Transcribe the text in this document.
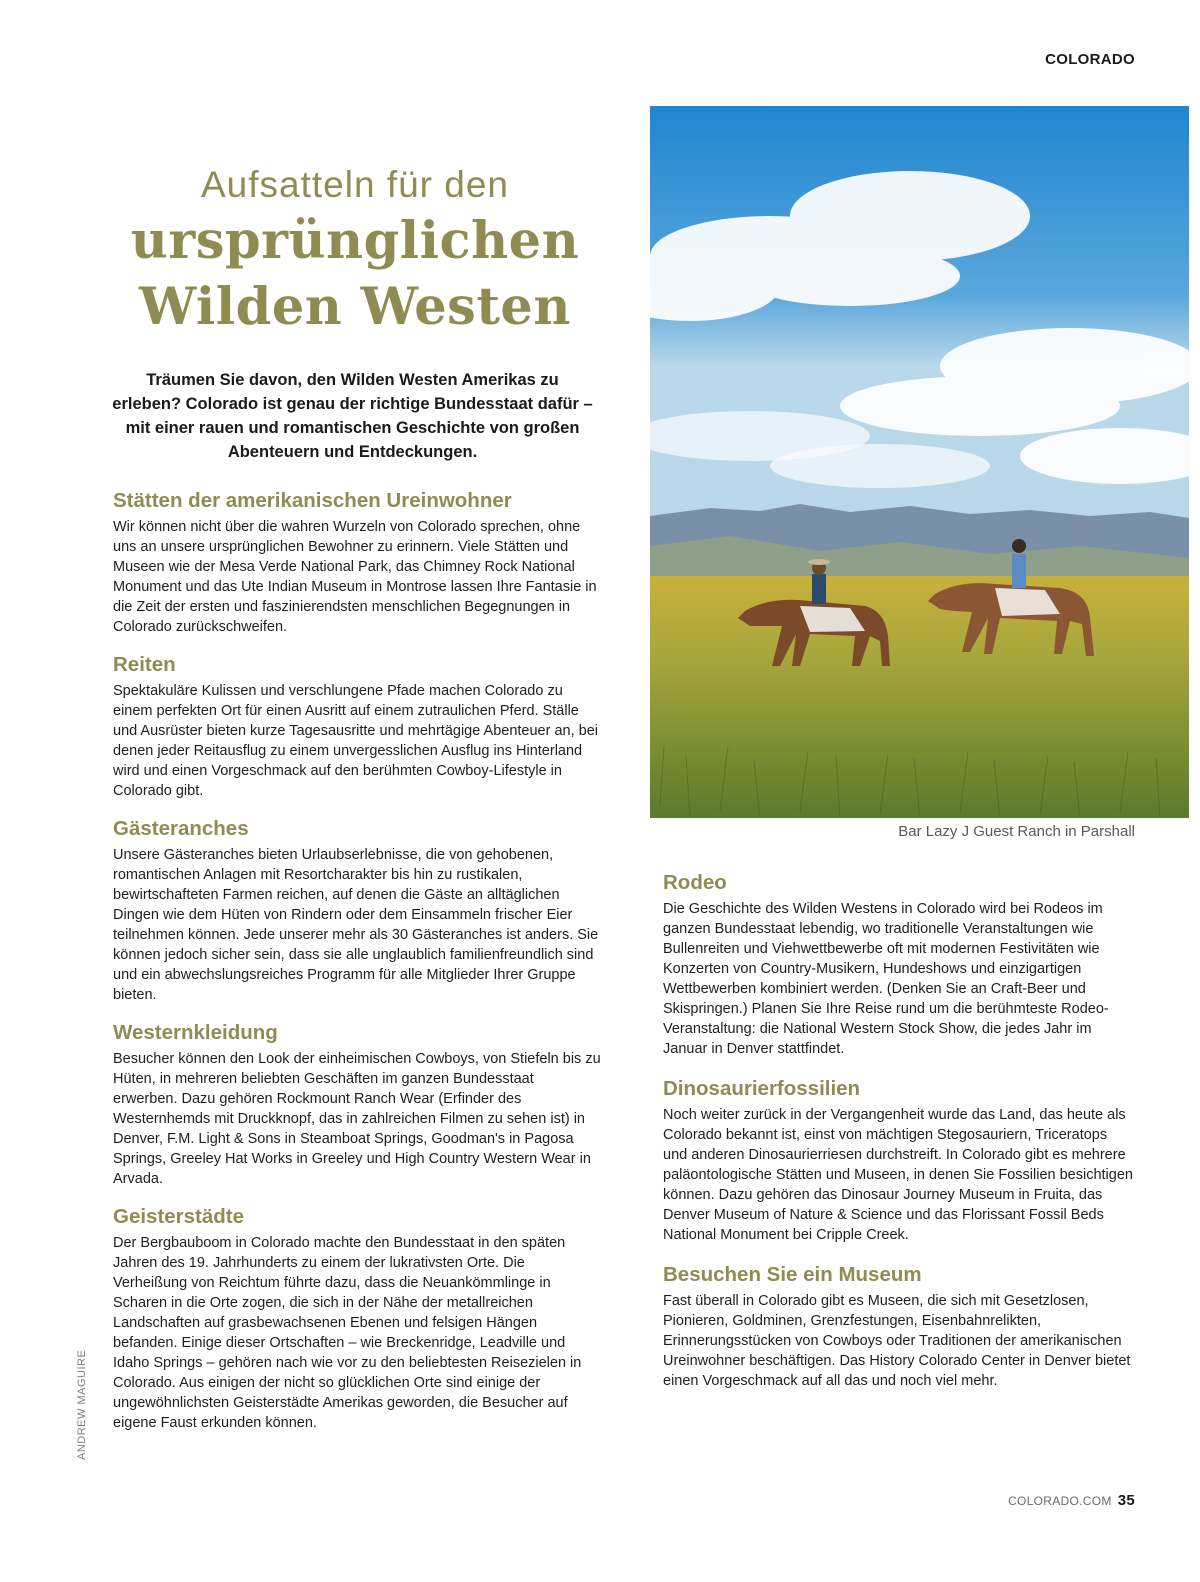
COLORADO
Aufsatteln für den
ursprünglichen
Wilden Westen
Träumen Sie davon, den Wilden Westen Amerikas zu erleben? Colorado ist genau der richtige Bundesstaat dafür – mit einer rauen und romantischen Geschichte von großen Abenteuern und Entdeckungen.
Bar Lazy J Guest Ranch in Parshall
Stätten der amerikanischen Ureinwohner

Wir können nicht über die wahren Wurzeln von Colorado sprechen, ohne uns an unsere ursprünglichen Bewohner zu erinnern. Viele Stätten und Museen wie der Mesa Verde National Park, das Chimney Rock National Monument und das Ute Indian Museum in Montrose lassen Ihre Fantasie in die Zeit der ersten und faszinierendsten menschlichen Begegnungen in Colorado zurückschweifen.

Reiten

Spektakuläre Kulissen und verschlungene Pfade machen Colorado zu einem perfekten Ort für einen Ausritt auf einem zutraulichen Pferd. Ställe und Ausrüster bieten kurze Tagesausritte und mehrtägige Abenteuer an, bei denen jeder Reitausflug zu einem unvergesslichen Ausflug ins Hinterland wird und einen Vorgeschmack auf den berühmten Cowboy-Lifestyle in Colorado gibt.

Gästeranches

Unsere Gästeranches bieten Urlaubserlebnisse, die von gehobenen, romantischen Anlagen mit Resortcharakter bis hin zu rustikalen, bewirtschafteten Farmen reichen, auf denen die Gäste an alltäglichen Dingen wie dem Hüten von Rindern oder dem Einsammeln frischer Eier teilnehmen können. Jede unserer mehr als 30 Gästeranches ist anders. Sie können jedoch sicher sein, dass sie alle unglaublich familienfreundlich sind und ein abwechslungsreiches Programm für alle Mitglieder Ihrer Gruppe bieten.

Westernkleidung

Besucher können den Look der einheimischen Cowboys, von Stiefeln bis zu Hüten, in mehreren beliebten Geschäften im ganzen Bundesstaat erwerben. Dazu gehören Rockmount Ranch Wear (Erfinder des Westernhemds mit Druckknopf, das in zahlreichen Filmen zu sehen ist) in Denver, F.M. Light & Sons in Steamboat Springs, Goodman's in Pagosa Springs, Greeley Hat Works in Greeley und High Country Western Wear in Arvada.

Geisterstädte

Der Bergbauboom in Colorado machte den Bundesstaat in den späten Jahren des 19. Jahrhunderts zu einem der lukrativsten Orte. Die Verheißung von Reichtum führte dazu, dass die Neuankömmlinge in Scharen in die Orte zogen, die sich in der Nähe der metallreichen Landschaften auf grasbewachsenen Ebenen und felsigen Hängen befanden. Einige dieser Ortschaften – wie Breckenridge, Leadville und Idaho Springs – gehören nach wie vor zu den beliebtesten Reisezielen in Colorado. Aus einigen der nicht so glücklichen Orte sind einige der ungewöhnlichsten Geisterstädte Amerikas geworden, die Besucher auf eigene Faust erkunden können.

Rodeo

Die Geschichte des Wilden Westens in Colorado wird bei Rodeos im ganzen Bundesstaat lebendig, wo traditionelle Veranstaltungen wie Bullenreiten und Viehwettbewerbe oft mit modernen Festivitäten wie Konzerten von Country-Musikern, Hundeshows und einzigartigen Wettbewerben kombiniert werden. (Denken Sie an Craft-Beer und Skispringen.) Planen Sie Ihre Reise rund um die berühmteste Rodeo-Veranstaltung: die National Western Stock Show, die jedes Jahr im Januar in Denver stattfindet.

Dinosaurierfossilien

Noch weiter zurück in der Vergangenheit wurde das Land, das heute als Colorado bekannt ist, einst von mächtigen Stegosauriern, Triceratops und anderen Dinosaurierriesen durchstreift. In Colorado gibt es mehrere paläontologische Stätten und Museen, in denen Sie Fossilien besichtigen können. Dazu gehören das Dinosaur Journey Museum in Fruita, das Denver Museum of Nature & Science und das Florissant Fossil Beds National Monument bei Cripple Creek.

Besuchen Sie ein Museum

Fast überall in Colorado gibt es Museen, die sich mit Gesetzlosen, Pionieren, Goldminen, Grenzfestungen, Eisenbahnrelikten, Erinnerungsstücken von Cowboys oder Traditionen der amerikanischen Ureinwohner beschäftigen. Das History Colorado Center in Denver bietet einen Vorgeschmack auf all das und noch viel mehr.

ANDREW MAGUIRE
COLORADO.COM 35
